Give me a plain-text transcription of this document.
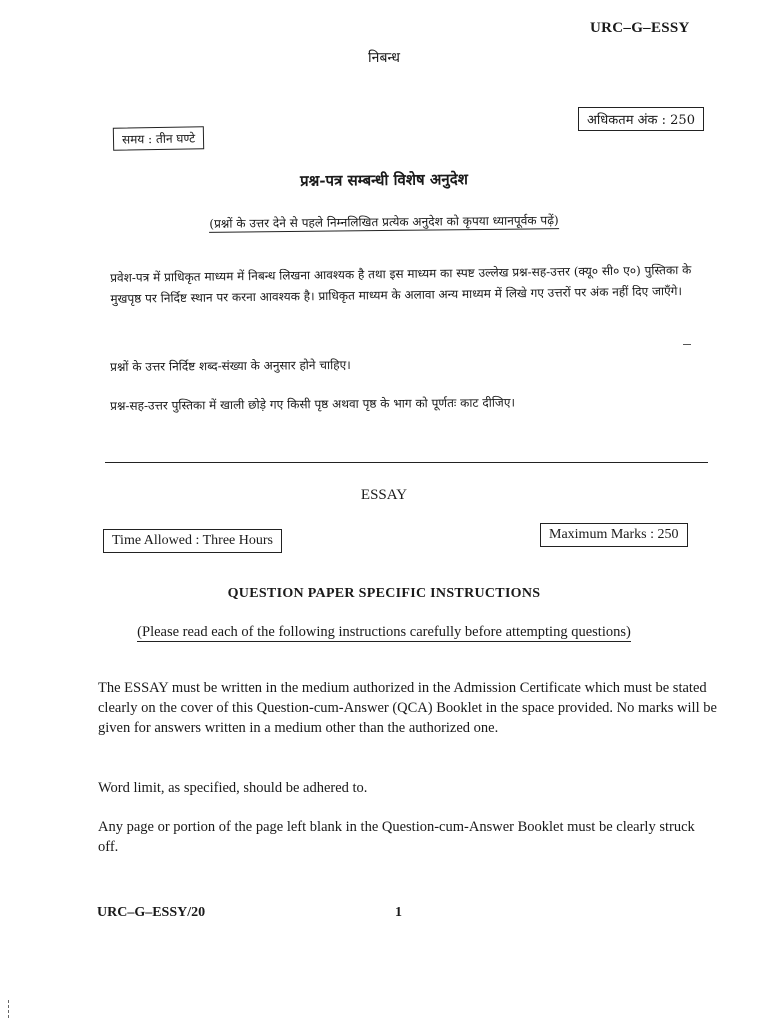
URC–G–ESSY
निबन्ध
समय : तीन घण्टे
अधिकतम अंक : 250
प्रश्न-पत्र सम्बन्धी विशेष अनुदेश
(प्रश्नों के उत्तर देने से पहले निम्नलिखित प्रत्येक अनुदेश को कृपया ध्यानपूर्वक पढ़ें)
प्रवेश-पत्र में प्राधिकृत माध्यम में निबन्ध लिखना आवश्यक है तथा इस माध्यम का स्पष्ट उल्लेख प्रश्न-सह-उत्तर (क्यू० सी० ए०) पुस्तिका के मुखपृष्ठ पर निर्दिष्ट स्थान पर करना आवश्यक है। प्राधिकृत माध्यम के अलावा अन्य माध्यम में लिखे गए उत्तरों पर अंक नहीं दिए जाएँगे।
प्रश्नों के उत्तर निर्दिष्ट शब्द-संख्या के अनुसार होने चाहिए।
प्रश्न-सह-उत्तर पुस्तिका में खाली छोड़े गए किसी पृष्ठ अथवा पृष्ठ के भाग को पूर्णतः काट दीजिए।
ESSAY
Time Allowed : Three Hours	Maximum Marks : 250
QUESTION PAPER SPECIFIC INSTRUCTIONS
(Please read each of the following instructions carefully before attempting questions)
The ESSAY must be written in the medium authorized in the Admission Certificate which must be stated clearly on the cover of this Question-cum-Answer (QCA) Booklet in the space provided. No marks will be given for answers written in a medium other than the authorized one.
Word limit, as specified, should be adhered to.
Any page or portion of the page left blank in the Question-cum-Answer Booklet must be clearly struck off.
URC–G–ESSY/20	1
